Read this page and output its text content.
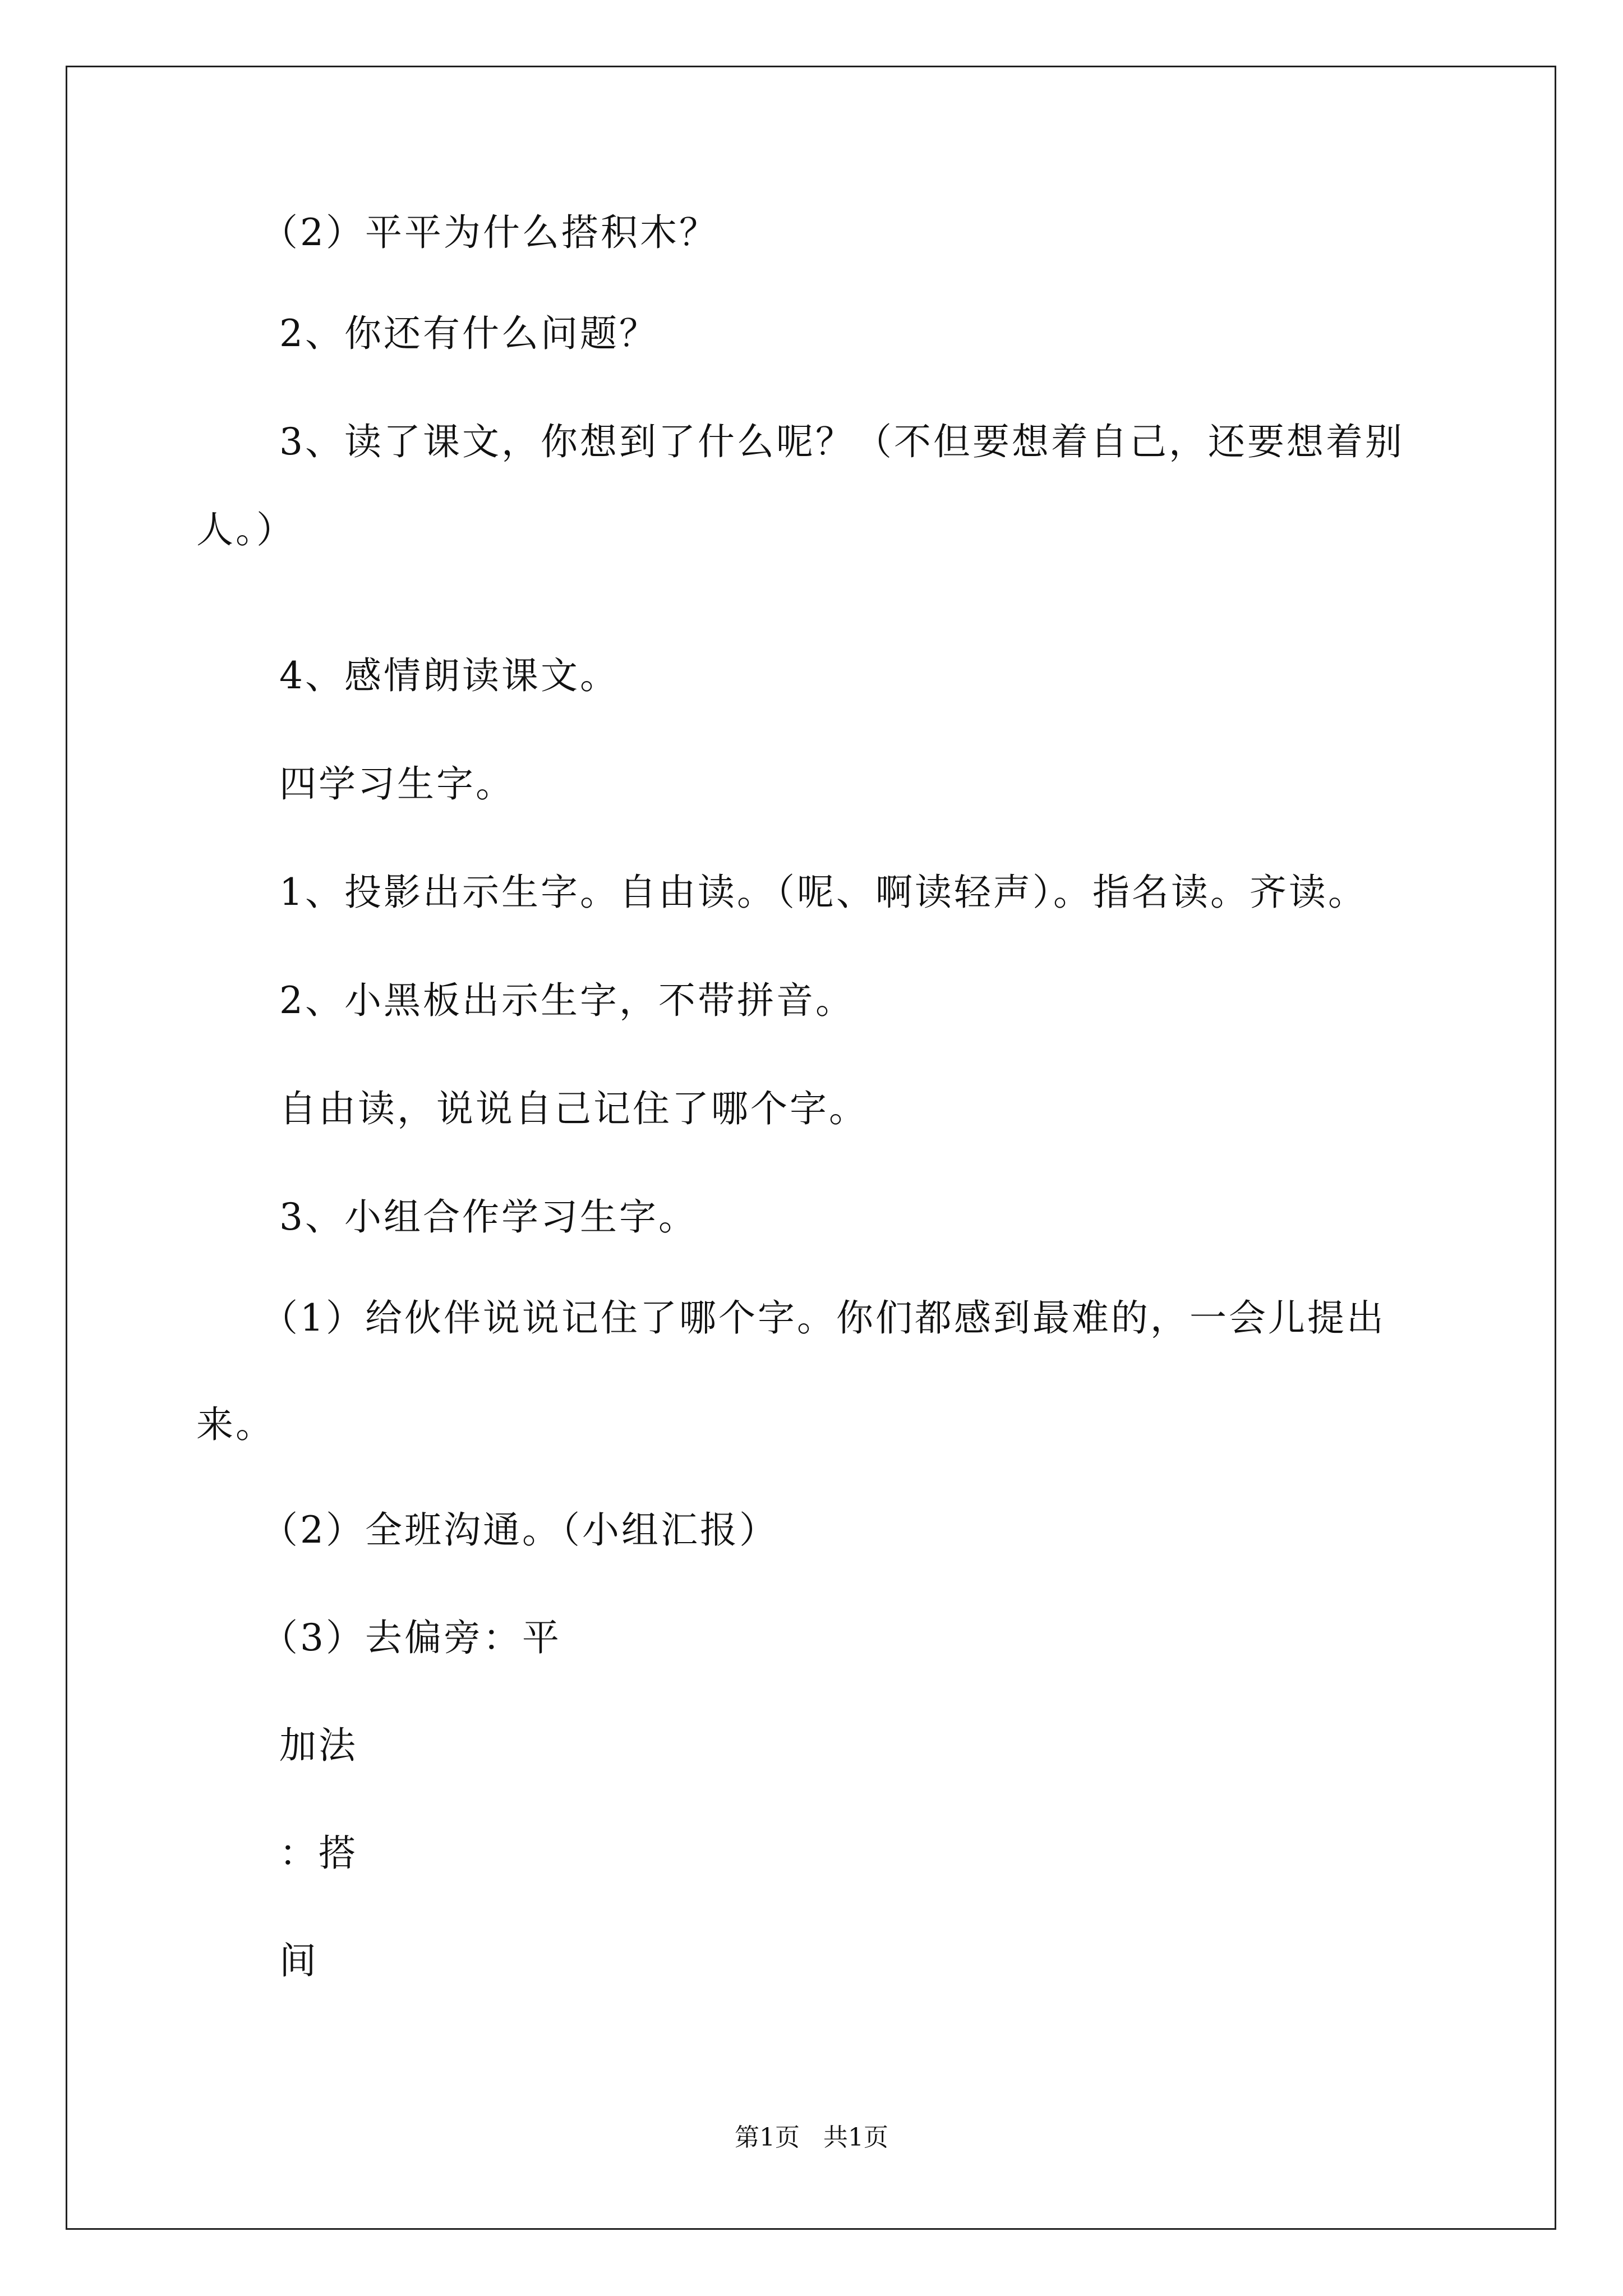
（2）平平为什么搭积木？
2、你还有什么问题？
3、读了课文，你想到了什么呢？（不但要想着自己，还要想着别
人。）
4、感情朗读课文。
四学习生字。
1、投影出示生字。自由读。（呢、啊读轻声）。指名读。齐读。
2、小黑板出示生字，不带拼音。
自由读，说说自己记住了哪个字。
3、小组合作学习生字。
（1）给伙伴说说记住了哪个字。你们都感到最难的，一会儿提出
来。
（2）全班沟通。（小组汇报）
（3）去偏旁：平
加法
：搭
间
第1页   共1页
